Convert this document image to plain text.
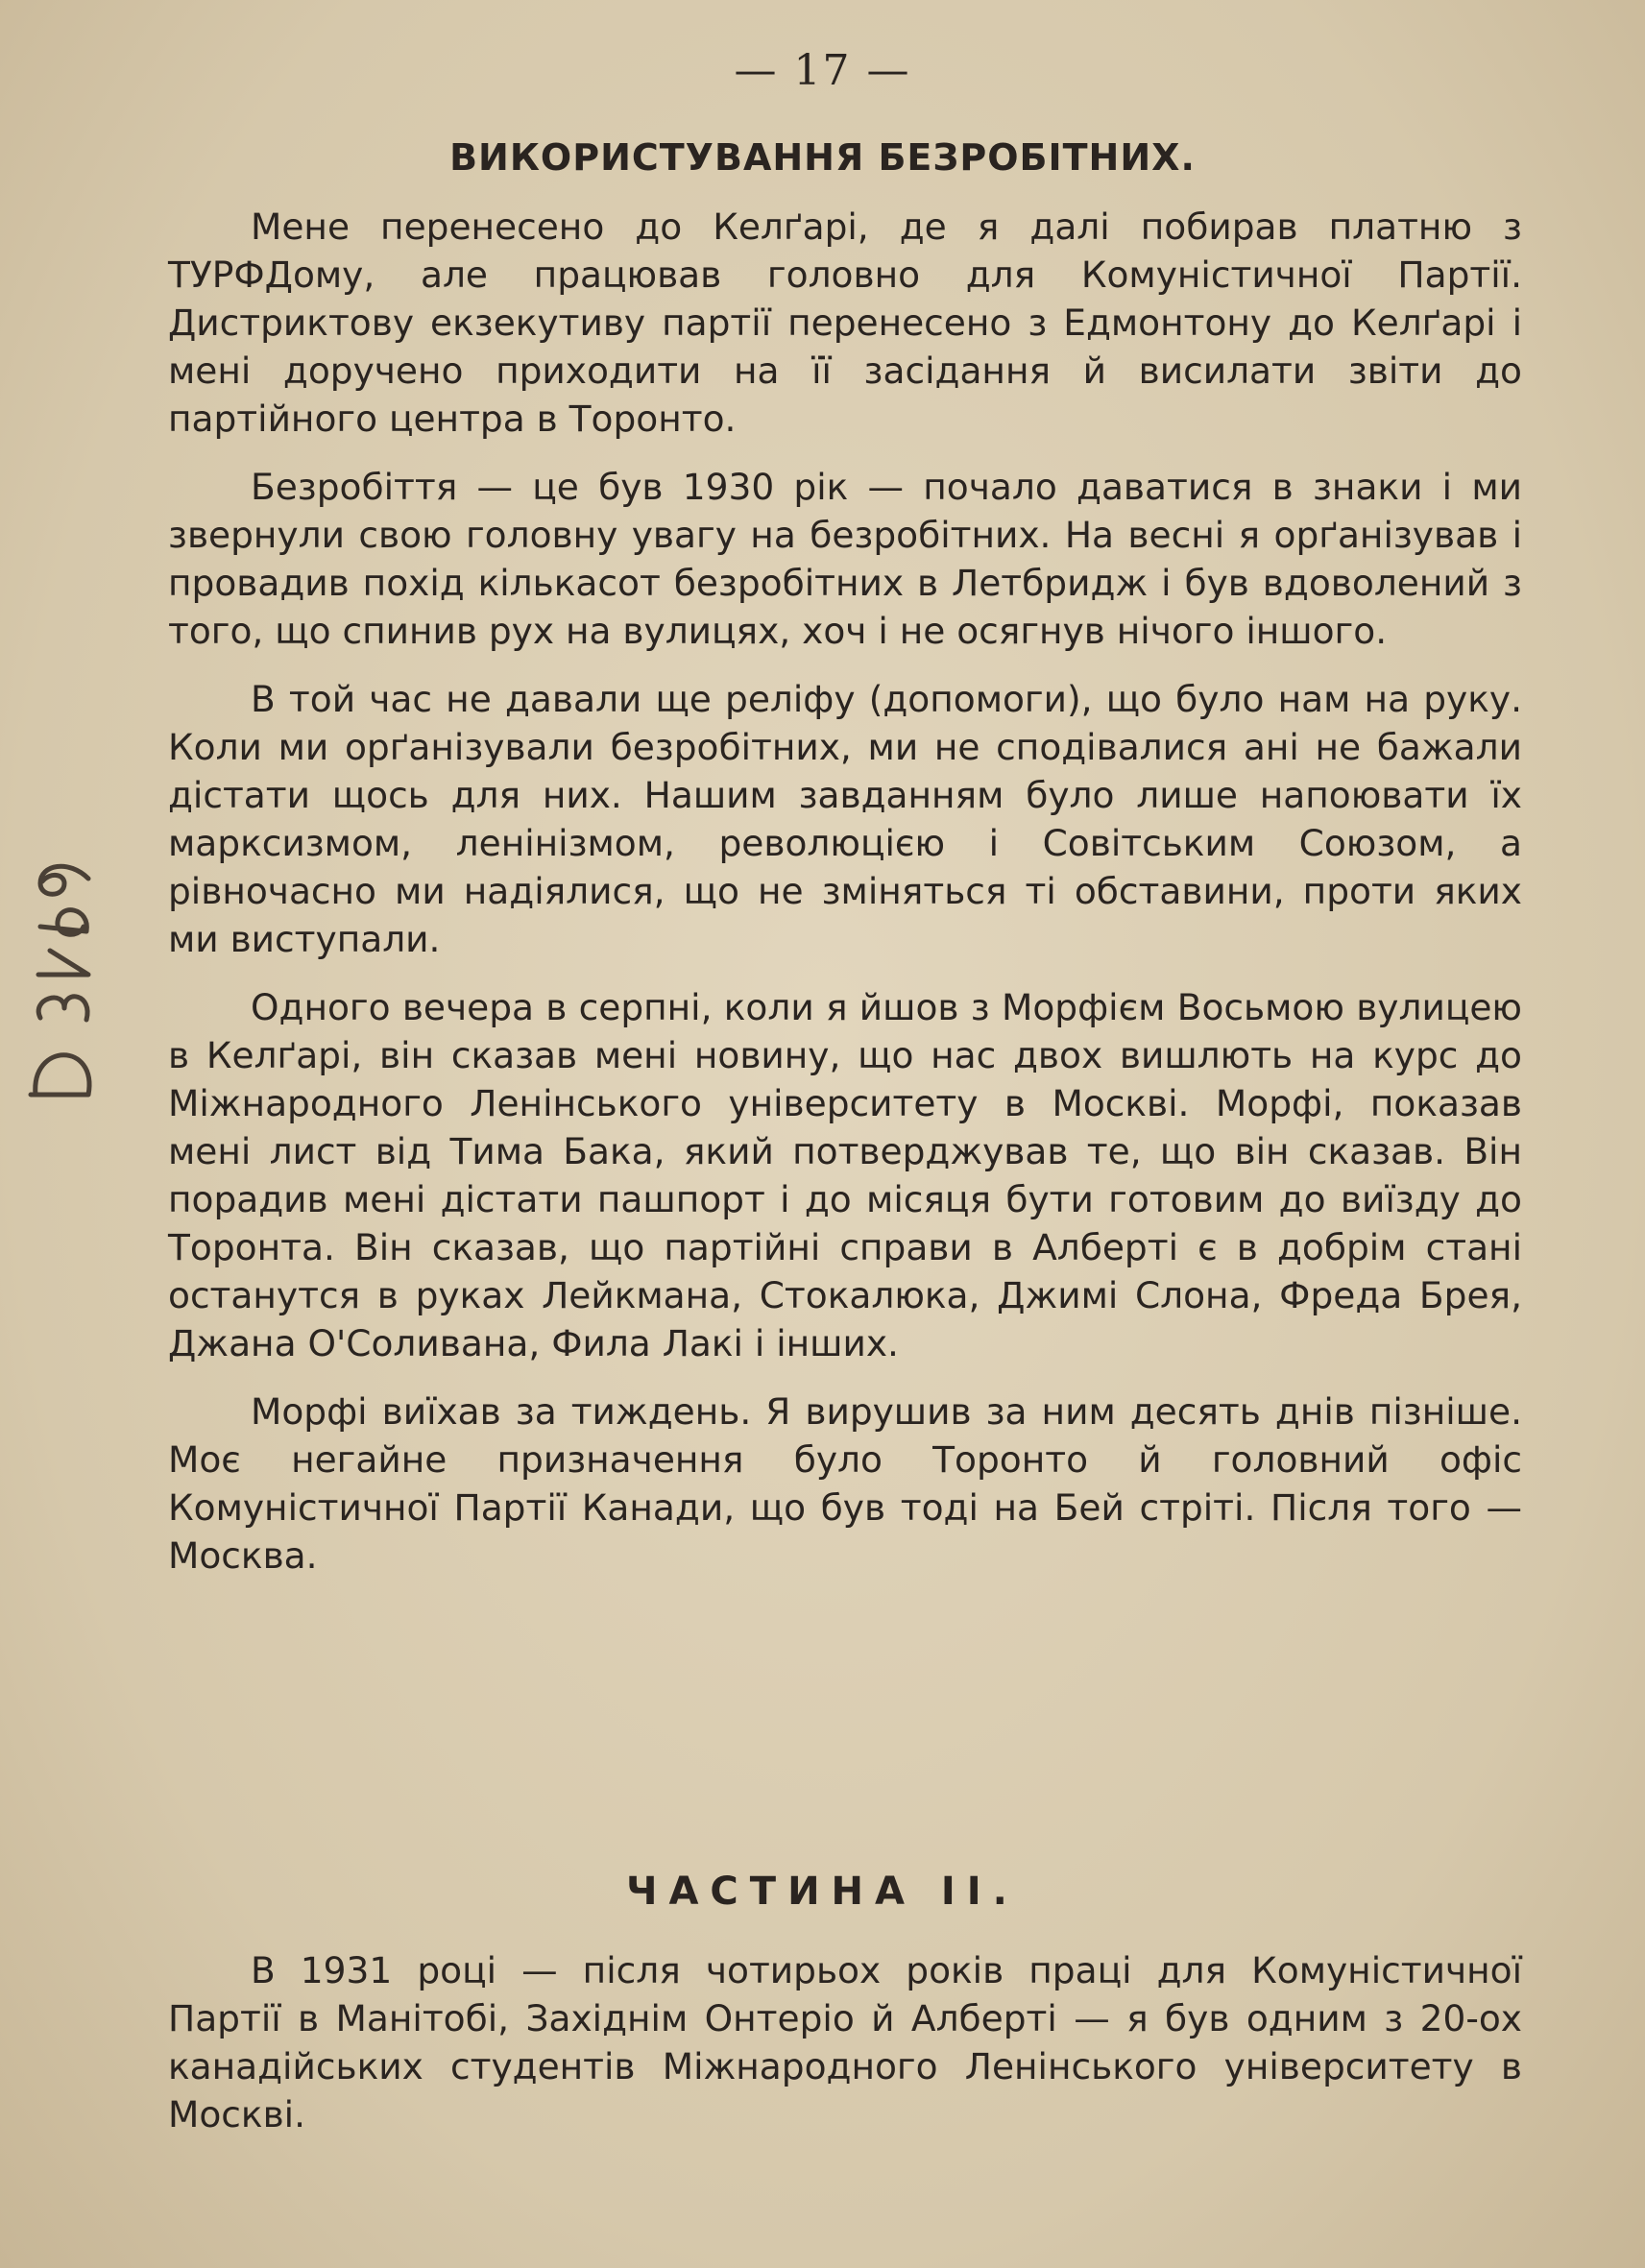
— 17 —
ВИКОРИСТУВАННЯ БЕЗРОБІТНИХ.

Мене перенесено до Келґарі, де я далі побирав платню з ТУРФДому, але працював головно для Комуністичної Партії. Дистриктову екзекутиву партії перенесено з Едмонтону до Келґарі і мені доручено приходити на її засідання й висилати звіти до партійного центра в Торонто.

Безробіття — це був 1930 рік — почало даватися в знаки і ми звернули свою головну увагу на безробітних. На весні я орґанізував і провадив похід кількасот безробітних в Летбридж і був вдоволений з того, що спинив рух на вулицях, хоч і не осягнув нічого іншого.

В той час не давали ще реліфу (допомоги), що було нам на руку. Коли ми орґанізували безробітних, ми не сподівалися ані не бажали дістати щось для них. Нашим завданням було лише напоювати їх марксизмом, ленінізмом, революцією і Совітським Союзом, а рівночасно ми надіялися, що не зміняться ті обставини, проти яких ми виступали.

Одного вечера в серпні, коли я йшов з Морфієм Восьмою вулицею в Келґарі, він сказав мені новину, що нас двох вишлють на курс до Міжнародного Ленінського університету в Москві. Морфі, показав мені лист від Тима Бака, який потверджував те, що він сказав. Він порадив мені дістати пашпорт і до місяця бути готовим до виїзду до Торонта. Він сказав, що партійні справи в Алберті є в добрім стані останутся в руках Лейкмана, Стокалюка, Джимі Слона, Фреда Брея, Джана О'Соливана, Фила Лакі і інших.

Морфі виїхав за тиждень. Я вирушив за ним десять днів пізніше. Моє негайне призначення було Торонто й головний офіс Комуністичної Партії Канади, що був тоді на Бей стріті. Після того — Москва.

ЧАСТИНА II.

В 1931 році — після чотирьох років праці для Комуністичної Партії в Манітобі, Західнім Онтеріо й Алберті — я був одним з 20-ох канадійських студентів Міжнародного Ленінського університету в Москві.
